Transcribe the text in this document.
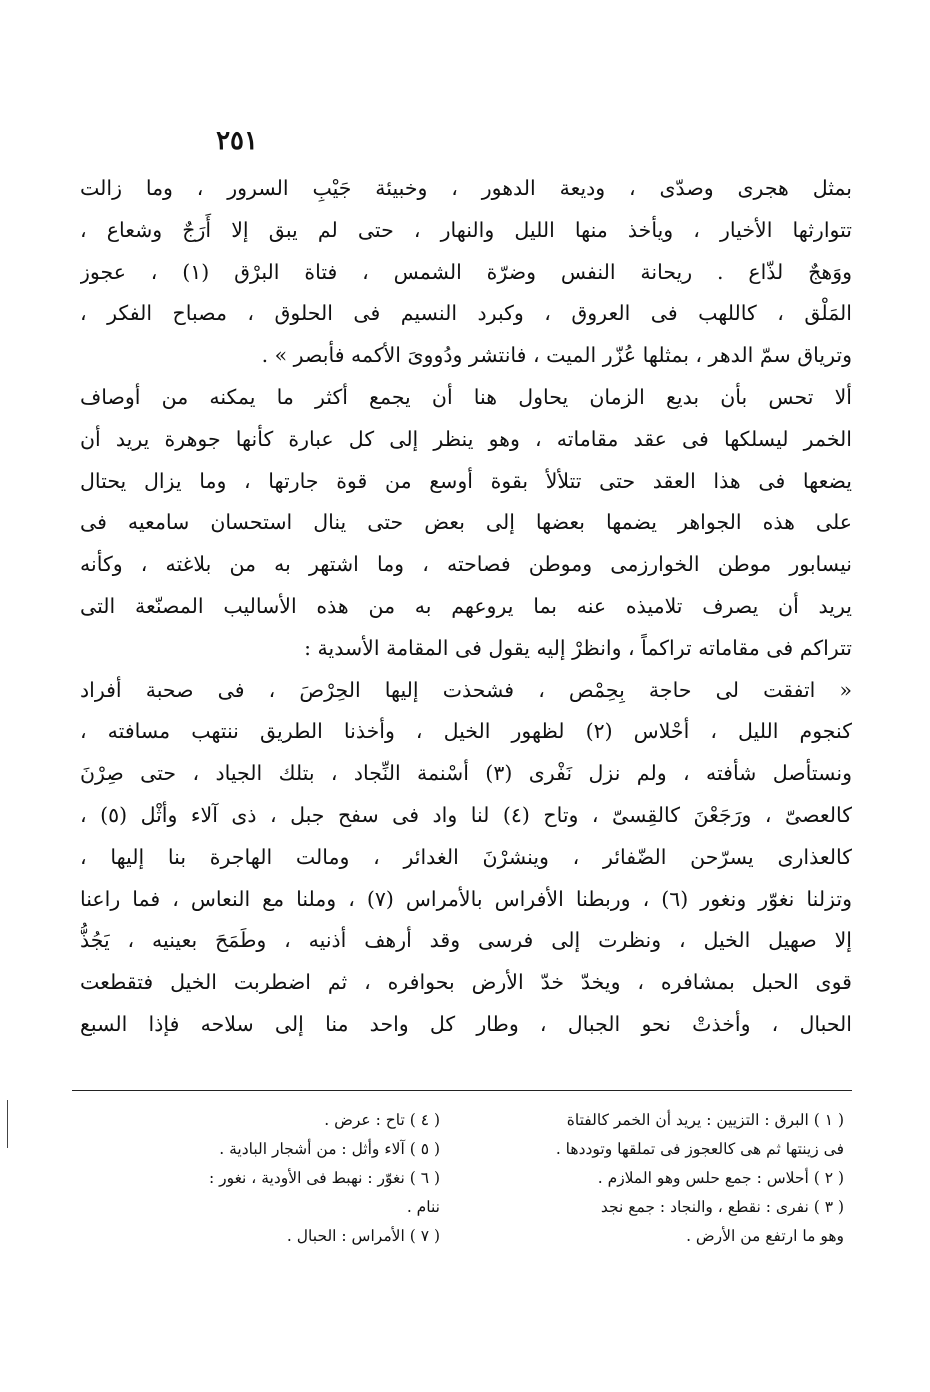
٢٥١
بمثل هجرى وصدّى ، وديعة الدهور ، وخبيئة جَيْبِ السرور ، وما زالت
تتوارثها الأخيار ، ويأخذ منها الليل والنهار ، حتى لم يبق إلا أَرَجٌ وشعاع ،
ووَهجٌ لذّاع . ريحانة النفس وضرّة الشمس ، فتاة البرْق (١) ، عجوز
المَلْق ، كاللهب فى العروق ، وكبرد النسيم فى الحلوق ، مصباح الفكر ،
وترياق سمّ الدهر ، بمثلها عُزّر الميت ، فانتشر ودُووىَ الأكمه فأبصر » .
ألا تحس بأن بديع الزمان يحاول هنا أن يجمع أكثر ما يمكنه من أوصاف
الخمر ليسلكها فى عقد مقاماته ، وهو ينظر إلى كل عبارة كأنها جوهرة يريد أن
يضعها فى هذا العقد حتى تتلألأ بقوة أوسع من قوة جارتها ، وما يزال يحتال
على هذه الجواهر يضمها بعضها إلى بعض حتى ينال استحسان سامعيه فى
نيسابور موطن الخوارزمى وموطن فصاحته ، وما اشتهر به من بلاغته ، وكأنه
يريد أن يصرف تلاميذه عنه بما يروعهم به من هذه الأساليب المصنّعة التى
تتراكم فى مقاماته تراكماً ، وانظرْ إليه يقول فى المقامة الأسدية :
« اتفقت لى حاجة بِحِمْص ، فشحذت إليها الحِرْصَ ، فى صحبة أفراد
كنجوم الليل ، أحْلاس (٢) لظهور الخيل ، وأخذنا الطريق ننتهب مسافته ،
ونستأصل شأفته ، ولم نزل نَفْرى (٣) أسْنمة النِّجاد ، بتلك الجياد ، حتى صِرْنَ
كالعصىّ ، ورَجَعْنَ كالقِسىّ ، وتاح (٤) لنا واد فى سفح جبل ، ذى آلاء وأثْل (٥) ،
كالعذارى يسرّحن الضّفائر ، وينشرْنَ الغدائر ، ومالت الهاجرة بنا إليها ،
وتزلنا نغوّر ونغور (٦) ، وربطنا الأفراس بالأمراس (٧) ، وملنا مع النعاس ، فما راعنا
إلا صهيل الخيل ، ونظرت إلى فرسى وقد أرهف أذنيه ، وطَمَحَ بعينيه ، يَجُذُّ
قوى الحبل بمشافره ، ويخدّ خدّ الأرض بحوافره ، ثم اضطربت الخيل فتقطعت
الحبال ، وأخذتْ نحو الجبال ، وطار كل واحد منا إلى سلاحه فإذا السبع
( ١ ) البرق : التزيين : يريد أن الخمر كالفتاة
فى زينتها ثم هى كالعجوز فى تملقها وتوددها .
( ٢ ) أحلاس : جمع حلس وهو الملازم .
( ٣ ) نفرى : نقطع ، والنجاد : جمع نجد
وهو ما ارتفع من الأرض .
( ٤ ) تاح : عرض .
( ٥ ) آلاء وأثل : من أشجار البادية .
( ٦ ) نغوّر : نهبط فى الأودية ، نغور :
ننام .
( ٧ ) الأمراس : الحبال .
